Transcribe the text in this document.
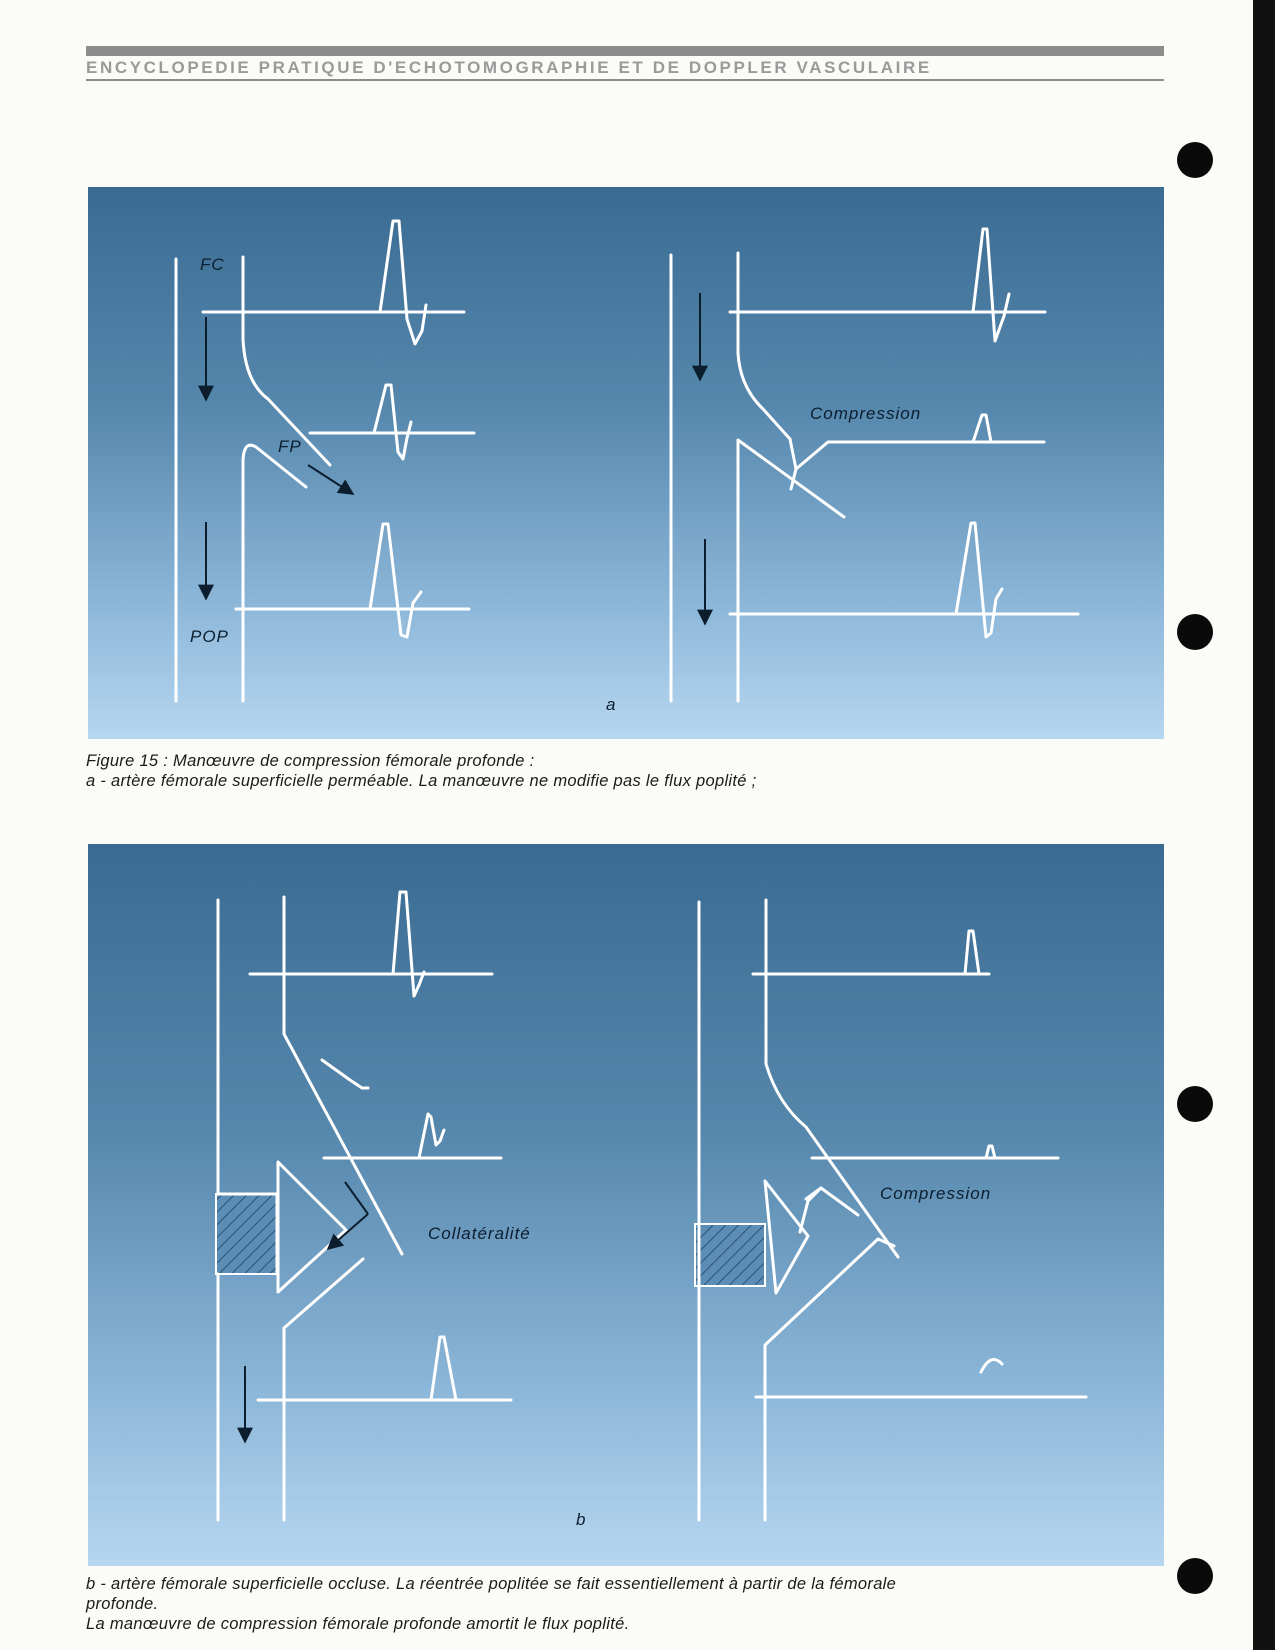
ENCYCLOPEDIE PRATIQUE D'ECHOTOMOGRAPHIE ET DE DOPPLER VASCULAIRE
FC
FP
POP
Compression
a
Figure 15 : Manœuvre de compression fémorale profonde :
a - artère fémorale superficielle perméable. La manœuvre ne modifie pas le flux poplité ;
Collatéralité
Compression
b
b - artère fémorale superficielle occluse. La réentrée poplitée se fait essentiellement à partir de la fémorale
profonde.
La manœuvre de compression fémorale profonde amortit le flux poplité.
